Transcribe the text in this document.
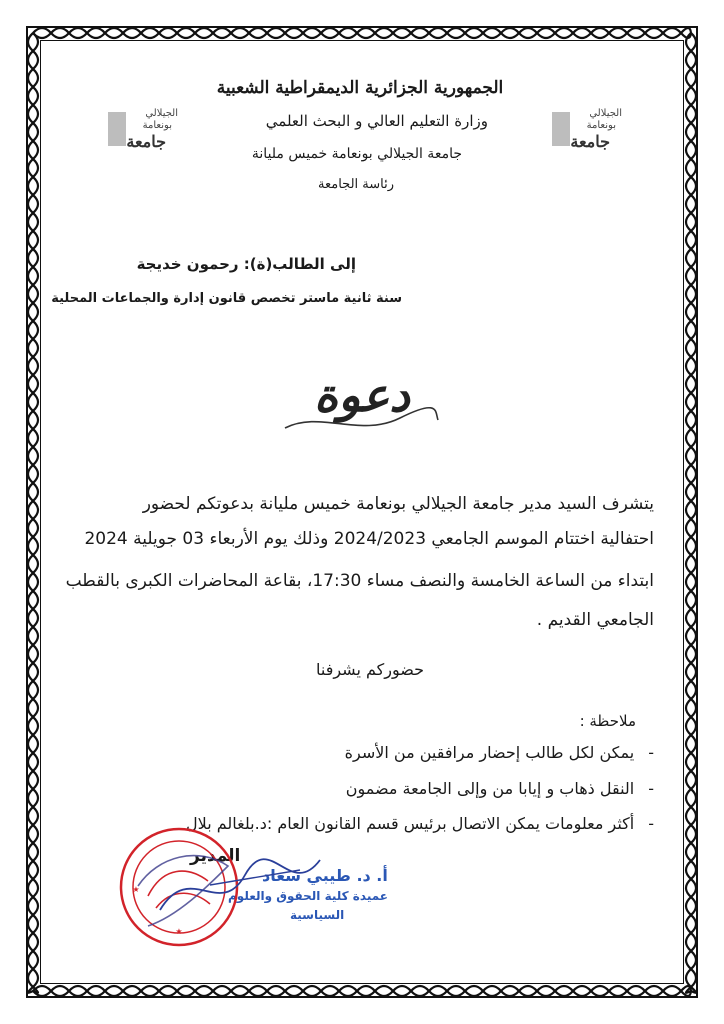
الجيلالي
بونعامة
جامعة
الجيلالي
بونعامة
جامعة
الجمهورية الجزائرية الديمقراطية الشعبية
وزارة التعليم العالي و البحث العلمي
جامعة الجيلالي بونعامة خميس مليانة
رئاسة الجامعة
إلى الطالب(ة): رحمون خديجة
سنة ثانية ماستر تخصص قانون إدارة والجماعات المحلية
دعوة
يتشرف السيد مدير جامعة الجيلالي بونعامة خميس مليانة بدعوتكم لحضور
احتفالية اختتام الموسم الجامعي 2024/2023 وذلك يوم الأربعاء 03 جويلية 2024
ابتداء من الساعة الخامسة والنصف مساء 17:30، بقاعة المحاضرات الكبرى بالقطب
الجامعي القديم .
حضوركم يشرفنا
ملاحظة :
-يمكن لكل طالب إحضار مرافقين من الأسرة
-النقل ذهاب و إيابا من وإلى الجامعة مضمون
-أكثر معلومات يمكن الاتصال برئيس قسم القانون العام :د.بلغالم بلال
المدير
أ. د. طيبي سعاد
عميدة كلية الحقوق والعلوم
السياسية
★
★
